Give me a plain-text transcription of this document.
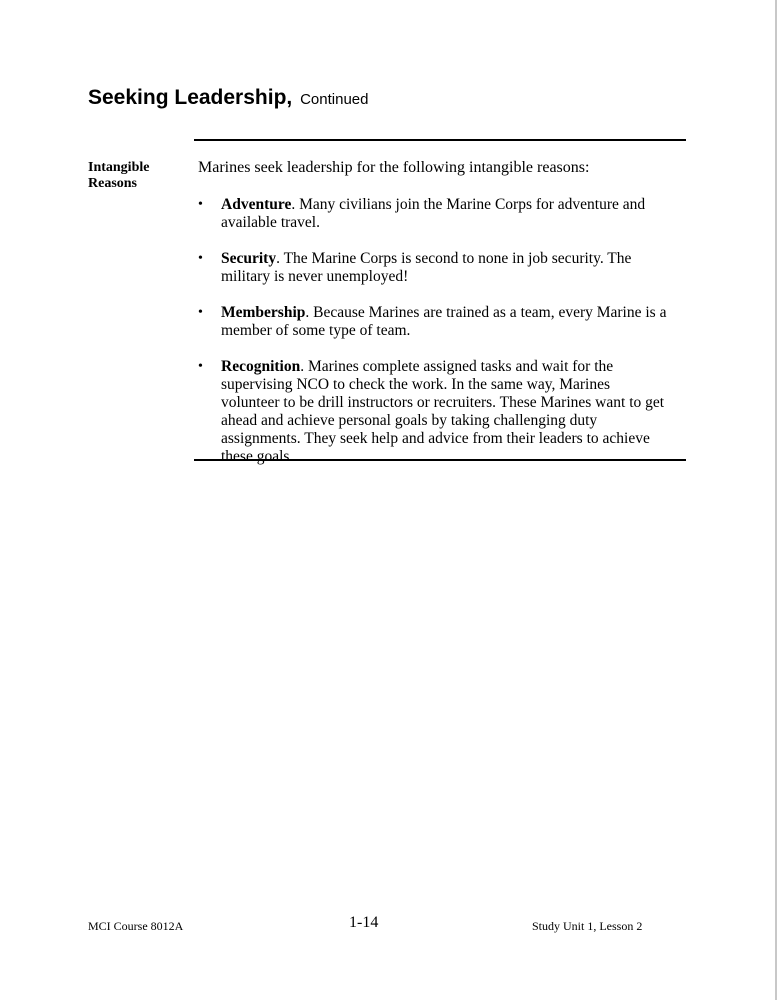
Seeking Leadership, Continued
Intangible Reasons

Marines seek leadership for the following intangible reasons:

• Adventure. Many civilians join the Marine Corps for adventure and available travel.
• Security. The Marine Corps is second to none in job security. The military is never unemployed!
• Membership. Because Marines are trained as a team, every Marine is a member of some type of team.
• Recognition. Marines complete assigned tasks and wait for the supervising NCO to check the work. In the same way, Marines volunteer to be drill instructors or recruiters. These Marines want to get ahead and achieve personal goals by taking challenging duty assignments. They seek help and advice from their leaders to achieve these goals.
MCI Course 8012A	1-14	Study Unit 1, Lesson 2
